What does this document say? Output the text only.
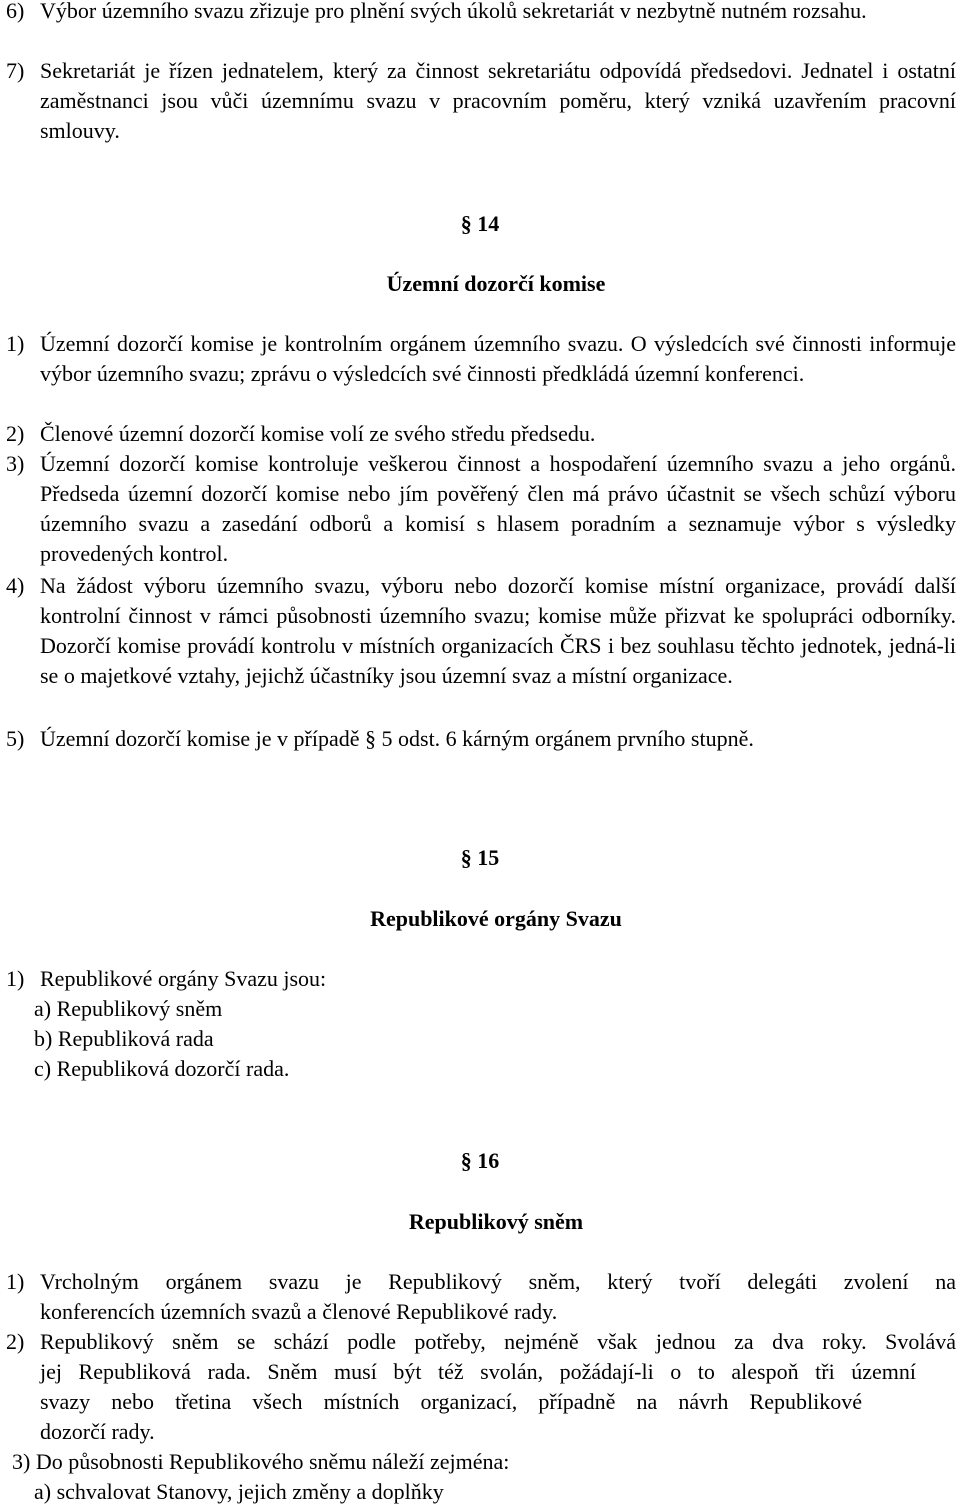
6) Výbor územního svazu zřizuje pro plnění svých úkolů sekretariát v nezbytně nutném rozsahu.
7) Sekretariát je řízen jednatelem, který za činnost sekretariátu odpovídá předsedovi. Jednatel i ostatní zaměstnanci jsou vůči územnímu svazu v pracovním poměru, který vzniká uzavřením pracovní smlouvy.
§ 14
Územní dozorčí komise
1) Územní dozorčí komise je kontrolním orgánem územního svazu. O výsledcích své činnosti informuje výbor územního svazu; zprávu o výsledcích své činnosti předkládá územní konferenci.
2) Členové územní dozorčí komise volí ze svého středu předsedu.
3) Územní dozorčí komise kontroluje veškerou činnost a hospodaření územního svazu a jeho orgánů. Předseda územní dozorčí komise nebo jím pověřený člen má právo účastnit se všech schůzí výboru územního svazu a zasedání odborů a komisí s hlasem poradním a seznamuje výbor s výsledky provedených kontrol.
4) Na žádost výboru územního svazu, výboru nebo dozorčí komise místní organizace, provádí další kontrolní činnost v rámci působnosti územního svazu; komise může přizvat ke spolupráci odborníky. Dozorčí komise provádí kontrolu v místních organizacích ČRS i bez souhlasu těchto jednotek, jedná-li se o majetkové vztahy, jejichž účastníky jsou územní svaz a místní organizace.
5) Územní dozorčí komise je v případě § 5 odst. 6 kárným orgánem prvního stupně.
§ 15
Republikové orgány Svazu
1) Republikové orgány Svazu jsou:
a) Republikový sněm
b) Republiková rada
c) Republiková dozorčí rada.
§ 16
Republikový sněm
1) Vrcholným orgánem svazu je Republikový sněm, který tvoří delegáti zvolení na
konferencích územních svazů a členové Republikové rady.
2) Republikový sněm se schází podle potřeby, nejméně však jednou za dva roky. Svolává
jej Republiková rada. Sněm musí být též svolán, požádají-li o to alespoň tři územní
svazy nebo třetina všech místních organizací, případně na návrh Republikové
dozorčí rady.
3) Do působnosti Republikového sněmu náleží zejména:
a) schvalovat Stanovy, jejich změny a doplňky
